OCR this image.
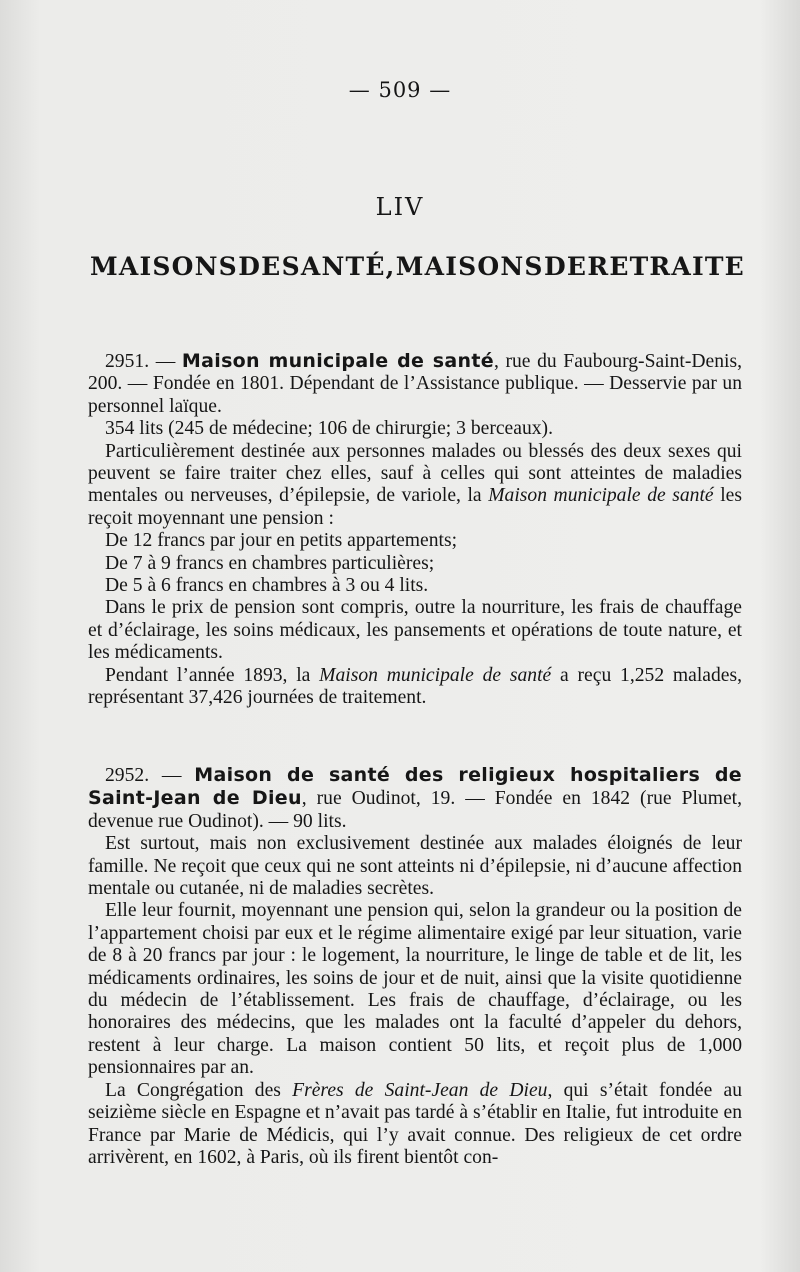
— 509 —
LIV
MAISONS DE SANTÉ, MAISONS DE RETRAITE

2951. — Maison municipale de santé, rue du Faubourg-Saint-Denis, 200. — Fondée en 1801. Dépendant de l’Assistance publique. — Desservie par un personnel laïque.

354 lits (245 de médecine; 106 de chirurgie; 3 berceaux).

Particulièrement destinée aux personnes malades ou blessés des deux sexes qui peuvent se faire traiter chez elles, sauf à celles qui sont atteintes de maladies mentales ou nerveuses, d’épilepsie, de variole, la Maison municipale de santé les reçoit moyennant une pension :

De 12 francs par jour en petits appartements;

De 7 à 9 francs en chambres particulières;

De 5 à 6 francs en chambres à 3 ou 4 lits.

Dans le prix de pension sont compris, outre la nourriture, les frais de chauffage et d’éclairage, les soins médicaux, les pansements et opérations de toute nature, et les médicaments.

Pendant l’année 1893, la Maison municipale de santé a reçu 1,252 malades, représentant 37,426 journées de traitement.

2952. — Maison de santé des religieux hospitaliers de Saint-Jean de Dieu, rue Oudinot, 19. — Fondée en 1842 (rue Plumet, devenue rue Oudinot). — 90 lits.

Est surtout, mais non exclusivement destinée aux malades éloignés de leur famille. Ne reçoit que ceux qui ne sont atteints ni d’épilepsie, ni d’aucune affection mentale ou cutanée, ni de maladies secrètes.

Elle leur fournit, moyennant une pension qui, selon la grandeur ou la position de l’appartement choisi par eux et le régime alimentaire exigé par leur situation, varie de 8 à 20 francs par jour : le logement, la nourriture, le linge de table et de lit, les médicaments ordinaires, les soins de jour et de nuit, ainsi que la visite quotidienne du médecin de l’établissement. Les frais de chauffage, d’éclairage, ou les honoraires des médecins, que les malades ont la faculté d’appeler du dehors, restent à leur charge. La maison contient 50 lits, et reçoit plus de 1,000 pensionnaires par an.

La Congrégation des Frères de Saint-Jean de Dieu, qui s’était fondée au seizième siècle en Espagne et n’avait pas tardé à s’établir en Italie, fut introduite en France par Marie de Médicis, qui l’y avait connue. Des religieux de cet ordre arrivèrent, en 1602, à Paris, où ils firent bientôt con-
